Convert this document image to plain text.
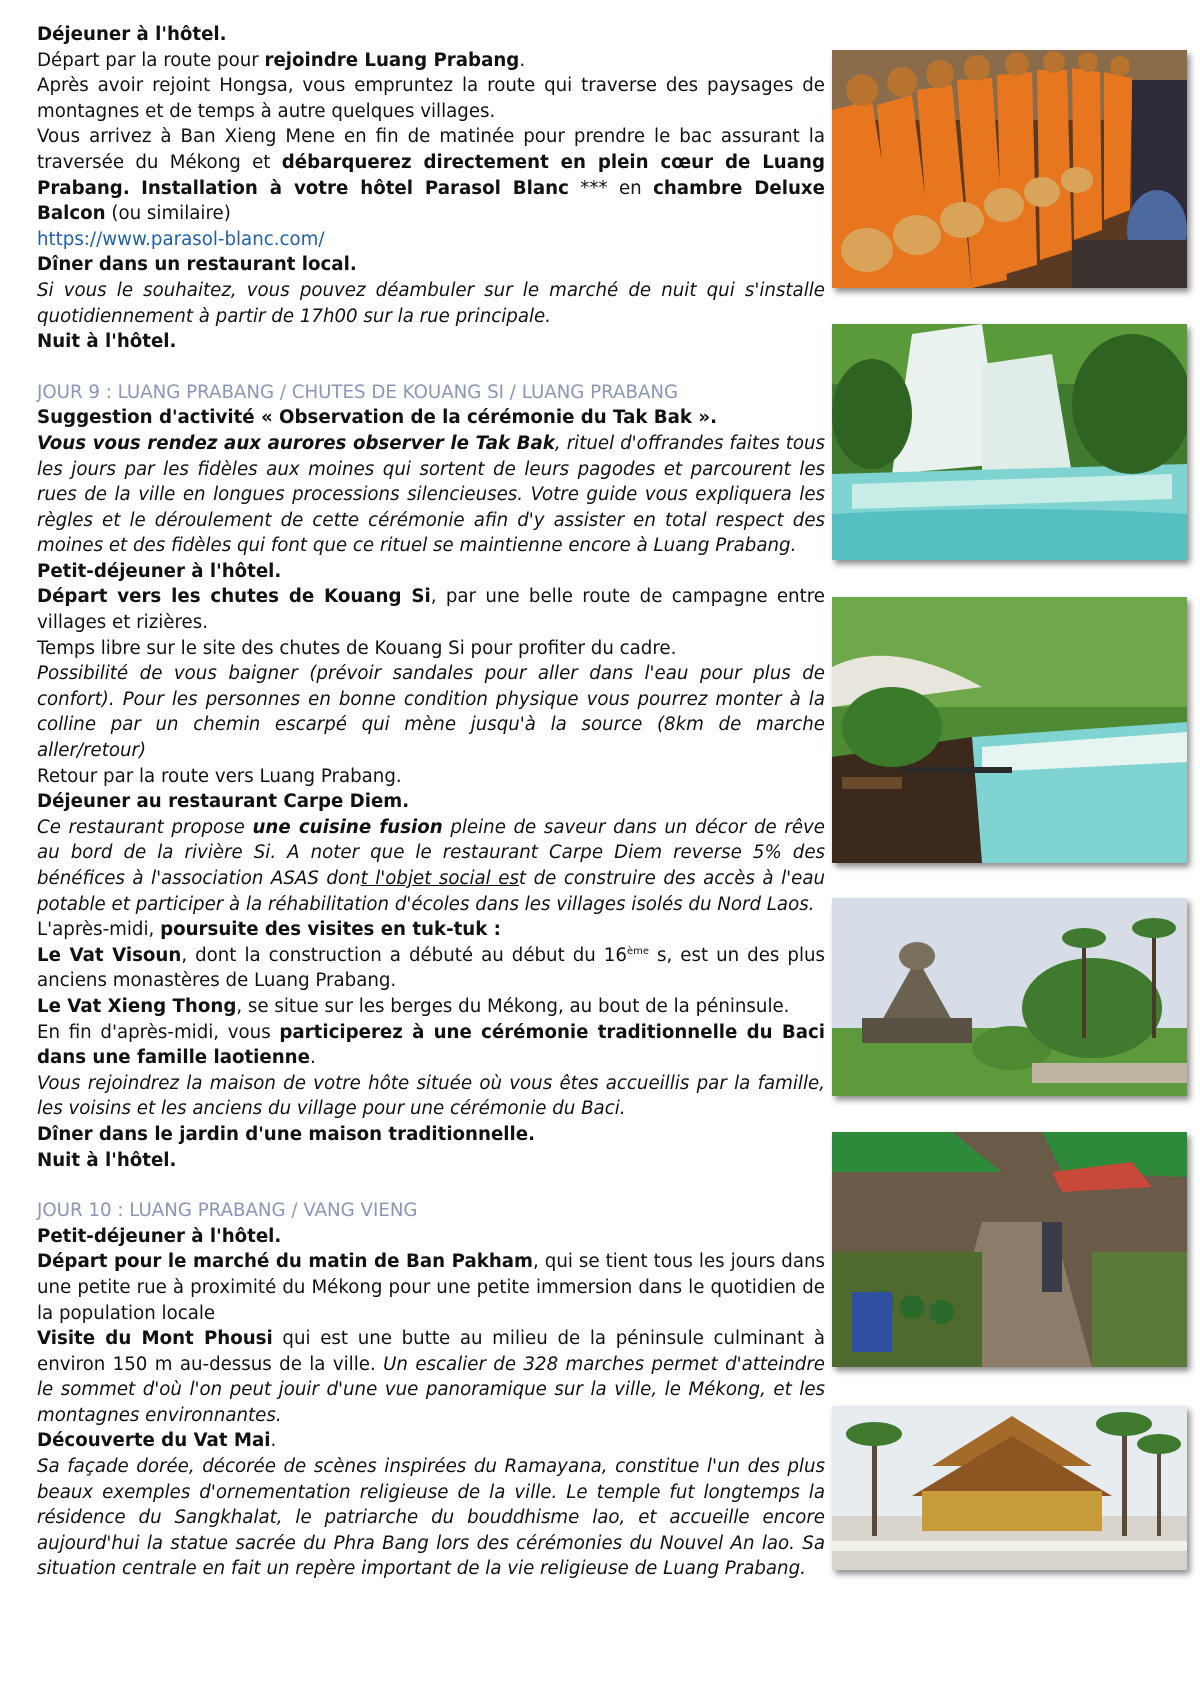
Déjeuner à l'hôtel.

Départ par la route pour rejoindre Luang Prabang.

Après avoir rejoint Hongsa, vous empruntez la route qui traverse des paysages de montagnes et de temps à autre quelques villages.

Vous arrivez à Ban Xieng Mene en fin de matinée pour prendre le bac assurant la traversée du Mékong et débarquerez directement en plein cœur de Luang Prabang. Installation à votre hôtel Parasol Blanc *** en chambre Deluxe Balcon (ou similaire)

https://www.parasol-blanc.com/

Dîner dans un restaurant local.

Si vous le souhaitez, vous pouvez déambuler sur le marché de nuit qui s'installe quotidiennement à partir de 17h00 sur la rue principale.

Nuit à l'hôtel.

JOUR 9 : LUANG PRABANG / CHUTES DE KOUANG SI / LUANG PRABANG

Suggestion d'activité « Observation de la cérémonie du Tak Bak ».

Vous vous rendez aux aurores observer le Tak Bak, rituel d'offrandes faites tous les jours par les fidèles aux moines qui sortent de leurs pagodes et parcourent les rues de la ville en longues processions silencieuses. Votre guide vous expliquera les règles et le déroulement de cette cérémonie afin d'y assister en total respect des moines et des fidèles qui font que ce rituel se maintienne encore à Luang Prabang.

Petit-déjeuner à l'hôtel.

Départ vers les chutes de Kouang Si, par une belle route de campagne entre villages et rizières.

Temps libre sur le site des chutes de Kouang Si pour profiter du cadre.

Possibilité de vous baigner (prévoir sandales pour aller dans l'eau pour plus de confort). Pour les personnes en bonne condition physique vous pourrez monter à la colline par un chemin escarpé qui mène jusqu'à la source (8km de marche aller/retour)

Retour par la route vers Luang Prabang.

Déjeuner au restaurant Carpe Diem.

Ce restaurant propose une cuisine fusion pleine de saveur dans un décor de rêve au bord de la rivière Si. A noter que le restaurant Carpe Diem reverse 5% des bénéfices à l'association ASAS dont l'objet social est de construire des accès à l'eau potable et participer à la réhabilitation d'écoles dans les villages isolés du Nord Laos.

L'après-midi, poursuite des visites en tuk-tuk :

Le Vat Visoun, dont la construction a débuté au début du 16ème s, est un des plus anciens monastères de Luang Prabang.

Le Vat Xieng Thong, se situe sur les berges du Mékong, au bout de la péninsule.

En fin d'après-midi, vous participerez à une cérémonie traditionnelle du Baci dans une famille laotienne.

Vous rejoindrez la maison de votre hôte située où vous êtes accueillis par la famille, les voisins et les anciens du village pour une cérémonie du Baci.

Dîner dans le jardin d'une maison traditionnelle.

Nuit à l'hôtel.

JOUR 10 : LUANG PRABANG / VANG VIENG

Petit-déjeuner à l'hôtel.

Départ pour le marché du matin de Ban Pakham, qui se tient tous les jours dans une petite rue à proximité du Mékong pour une petite immersion dans le quotidien de la population locale

Visite du Mont Phousi qui est une butte au milieu de la péninsule culminant à environ 150 m au-dessus de la ville. Un escalier de 328 marches permet d'atteindre le sommet d'où l'on peut jouir d'une vue panoramique sur la ville, le Mékong, et les montagnes environnantes.

Découverte du Vat Mai.

Sa façade dorée, décorée de scènes inspirées du Ramayana, constitue l'un des plus beaux exemples d'ornementation religieuse de la ville. Le temple fut longtemps la résidence du Sangkhalat, le patriarche du bouddhisme lao, et accueille encore aujourd'hui la statue sacrée du Phra Bang lors des cérémonies du Nouvel An lao. Sa situation centrale en fait un repère important de la vie religieuse de Luang Prabang.
